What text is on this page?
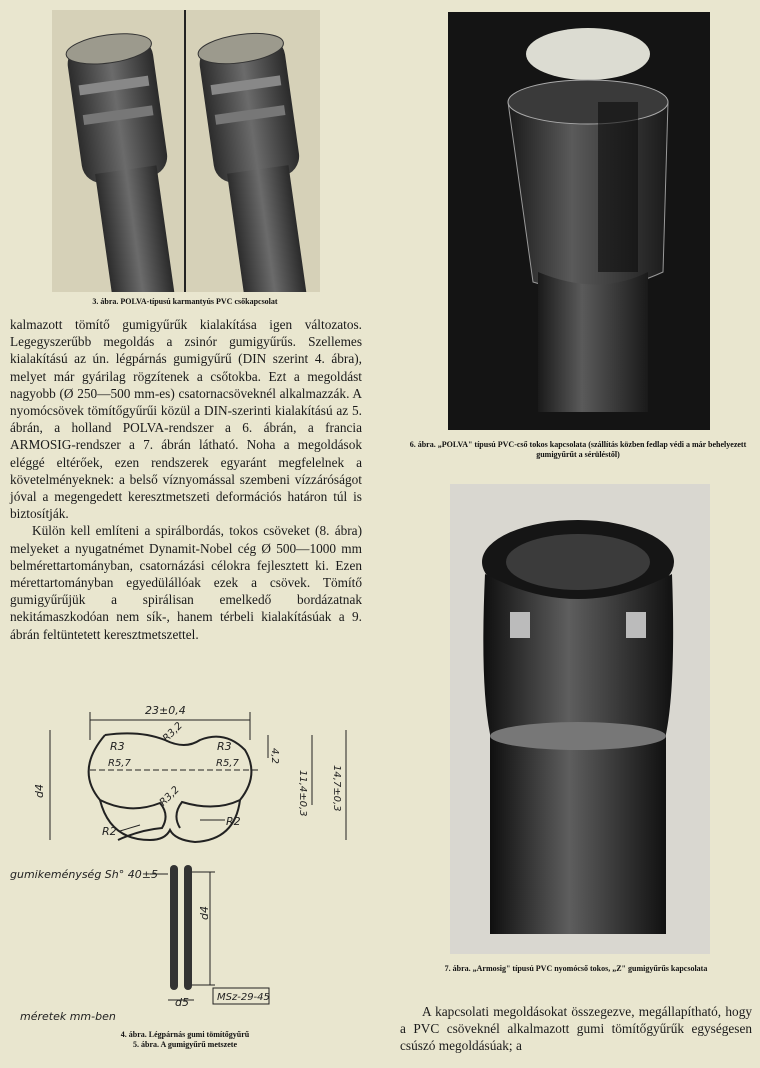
3. ábra. POLVA-típusú karmantyús PVC csőkapcsolat
6. ábra. „POLVA" típusú PVC-cső tokos kapcsolata (szállítás közben fedlap védi a már behelyezett gumigyűrűt a sérüléstől)
7. ábra. „Armosig" típusú PVC nyomócső tokos, „Z" gumigyűrűs kapcsolata

kalmazott tömítő gumigyűrűk kialakítása igen változatos. Legegyszerűbb megoldás a zsinór gumigyűrűs. Szellemes kialakítású az ún. légpárnás gumigyűrű (DIN szerint 4. ábra), melyet már gyárilag rögzítenek a csőtokba. Ezt a megoldást nagyobb (Ø 250—500 mm-es) csatornacsöveknél alkalmazzák. A nyomócsövek tömítőgyűrűi közül a DIN-szerinti kialakítású az 5. ábrán, a holland POLVA-rendszer a 6. ábrán, a francia ARMOSIG-rendszer a 7. ábrán látható. Noha a megoldások eléggé eltérőek, ezen rendszerek egyaránt megfelelnek a követelményeknek: a belső víznyomással szembeni vízzáróságot jóval a megengedett keresztmetszeti deformációs határon túl is biztosítják.

Külön kell említeni a spirálbordás, tokos csöveket (8. ábra) melyeket a nyugatnémet Dynamit-Nobel cég Ø 500—1000 mm belmérettartományban, csatornázási célokra fejlesztett ki. Ezen mérettartományban egyedülállóak ezek a csövek. Tömítő gumigyűrűjük a spirálisan emelkedő bordázatnak nekitámaszkodóan nem sík-, hanem térbeli kialakításúak a 9. ábrán feltüntetett keresztmetszettel.

23±0,4
d4
4,2
11,4±0,3 14,7±0,3
R3
R3,2
R3
R5,7	R5,7
R3,2
R2
R2
gumikeménység Sh° 40±5
d4
d5	MSz-29-45
méretek mm-ben
4. ábra. Légpárnás gumi tömítőgyűrű
5. ábra. A gumigyűrű metszete

A kapcsolati megoldásokat összegezve, megállapítható, hogy a PVC csöveknél alkalmazott gumi tömítőgyűrűk egységesen csúszó megoldásúak; a
